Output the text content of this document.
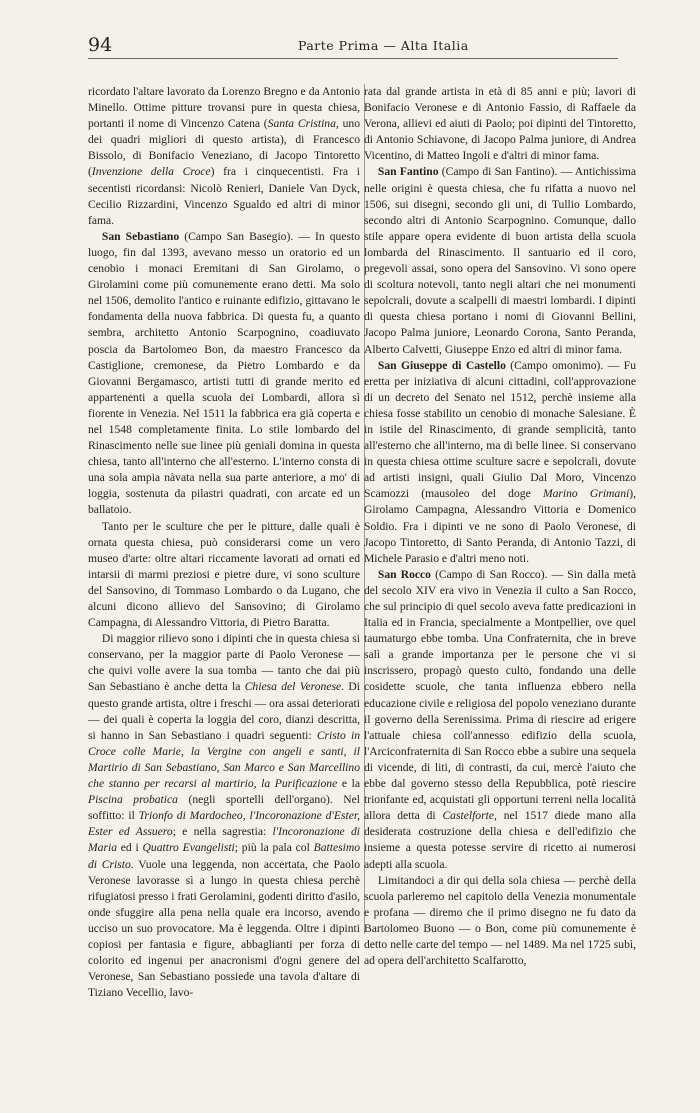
94	Parte Prima — Alta Italia

ricordato l'altare lavorato da Lorenzo Bregno e da Antonio Minello. Ottime pitture trovansi pure in questa chiesa, portanti il nome di Vincenzo Catena (Santa Cristina, uno dei quadri migliori di questo artista), di Francesco Bissolo, di Bonifacio Veneziano, di Jacopo Tintoretto (Invenzione della Croce) fra i cinquecentisti. Fra i secentisti ricordansi: Nicolò Renieri, Daniele Van Dyck, Cecilio Rizzardini, Vincenzo Sgualdo ed altri di minor fama.

San Sebastiano (Campo San Basegio). — In questo luogo, fin dal 1393, avevano messo un oratorio ed un cenobio i monaci Eremitani di San Girolamo, o Girolamini come più comunemente erano detti. Ma solo nel 1506, demolito l'antico e ruinante edifizio, gittavano le fondamenta della nuova fabbrica. Di questa fu, a quanto sembra, architetto Antonio Scarpognino, coadiuvato poscia da Bartolomeo Bon, da maestro Francesco da Castiglione, cremonese, da Pietro Lombardo e da Giovanni Bergamasco, artisti tutti di grande merito ed appartenenti a quella scuola dei Lombardi, allora sì fiorente in Venezia. Nel 1511 la fabbrica era già coperta e nel 1548 completamente finita. Lo stile lombardo del Rinascimento nelle sue linee più geniali domina in questa chiesa, tanto all'interno che all'esterno. L'interno consta di una sola ampia nàvata nella sua parte anteriore, a mo' di loggia, sostenuta da pilastri quadrati, con arcate ed un ballatoio.

Tanto per le sculture che per le pitture, dalle quali è ornata questa chiesa, può considerarsi come un vero museo d'arte: oltre altari riccamente lavorati ad ornati ed intarsii di marmi preziosi e pietre dure, vi sono sculture del Sansovino, di Tommaso Lombardo o da Lugano, che alcuni dicono allievo del Sansovino; di Girolamo Campagna, di Alessandro Vittoria, di Pietro Baratta.

Di maggior rilievo sono i dipinti che in questa chiesa si conservano, per la maggior parte di Paolo Veronese — che quivi volle avere la sua tomba — tanto che dai più San Sebastiano è anche detta la Chiesa del Veronese. Di questo grande artista, oltre i freschi — ora assai deteriorati — dei quali è coperta la loggia del coro, dianzi descritta, si hanno in San Sebastiano i quadri seguenti: Cristo in Croce colle Marie, la Vergine con angeli e santi, il Martirio di San Sebastiano, San Marco e San Marcellino che stanno per recarsi al martirio, la Purificazione e la Piscina probatica (negli sportelli dell'organo). Nel soffitto: il Trionfo di Mardocheo, l'Incoronazione d'Ester, Ester ed Assuero; e nella sagrestia: l'Incoronazione di Maria ed i Quattro Evangelisti; più la pala col Battesimo di Cristo. Vuole una leggenda, non accertata, che Paolo Veronese lavorasse sì a lungo in questa chiesa perchè rifugiatosi presso i frati Gerolamini, godenti diritto d'asilo, onde sfuggire alla pena nella quale era incorso, avendo ucciso un suo provocatore. Ma è leggenda. Oltre i dipinti copiosi per fantasia e figure, abbaglianti per forza di colorito ed ingenui per anacronismi d'ogni genere del Veronese, San Sebastiano possiede una tavola d'altare di Tiziano Vecellio, lavo-

rata dal grande artista in età di 85 anni e più; lavori di Bonifacio Veronese e di Antonio Fassio, di Raffaele da Verona, allievi ed aiuti di Paolo; poi dipinti del Tintoretto, di Antonio Schiavone, di Jacopo Palma juniore, di Andrea Vicentino, di Matteo Ingoli e d'altri di minor fama.

San Fantino (Campo di San Fantino). — Antichissima nelle origini è questa chiesa, che fu rifatta a nuovo nel 1506, sui disegni, secondo gli uni, di Tullio Lombardo, secondo altri di Antonio Scarpognino. Comunque, dallo stile appare opera evidente di buon artista della scuola lombarda del Rinascimento. Il santuario ed il coro, pregevoli assai, sono opera del Sansovino. Vi sono opere di scoltura notevoli, tanto negli altari che nei monumenti sepolcrali, dovute a scalpelli di maestri lombardi. I dipinti di questa chiesa portano i nomi di Giovanni Bellini, Jacopo Palma juniore, Leonardo Corona, Santo Peranda, Alberto Calvetti, Giuseppe Enzo ed altri di minor fama.

San Giuseppe di Castello (Campo omonimo). — Fu eretta per iniziativa di alcuni cittadini, coll'approvazione di un decreto del Senato nel 1512, perchè insieme alla chiesa fosse stabilito un cenobio di monache Salesiane. È in istile del Rinascimento, di grande semplicità, tanto all'esterno che all'interno, ma di belle linee. Si conservano in questa chiesa ottime sculture sacre e sepolcrali, dovute ad artisti insigni, quali Giulio Dal Moro, Vincenzo Scamozzi (mausoleo del doge Marino Grimani), Girolamo Campagna, Alessandro Vittoria e Domenico Soldio. Fra i dipinti ve ne sono di Paolo Veronese, di Jacopo Tintoretto, di Santo Peranda, di Antonio Tazzi, di Michele Parasio e d'altri meno noti.

San Rocco (Campo di San Rocco). — Sin dalla metà del secolo XIV era vivo in Venezia il culto a San Rocco, che sul principio di quel secolo aveva fatte predicazioni in Italia ed in Francia, specialmente a Montpellier, ove quel taumaturgo ebbe tomba. Una Confraternita, che in breve salì a grande importanza per le persone che vi si inscrissero, propagò questo culto, fondando una delle cosidette scuole, che tanta influenza ebbero nella educazione civile e religiosa del popolo veneziano durante il governo della Serenissima. Prima di riescire ad erigere l'attuale chiesa coll'annesso edifizio della scuola, l'Arciconfraternita di San Rocco ebbe a subire una sequela di vicende, di liti, di contrasti, da cui, mercè l'aiuto che ebbe dal governo stesso della Repubblica, potè riescire trionfante ed, acquistati gli opportuni terreni nella località allora detta di Castelforte, nel 1517 diede mano alla desiderata costruzione della chiesa e dell'edifizio che insieme a questa potesse servire di ricetto ai numerosi adepti alla scuola.

Limitandoci a dir qui della sola chiesa — perchè della scuola parleremo nel capitolo della Venezia monumentale e profana — diremo che il primo disegno ne fu dato da Bartolomeo Buono — o Bon, come più comunemente è detto nelle carte del tempo — nel 1489. Ma nel 1725 subì, ad opera dell'architetto Scalfarotto,
